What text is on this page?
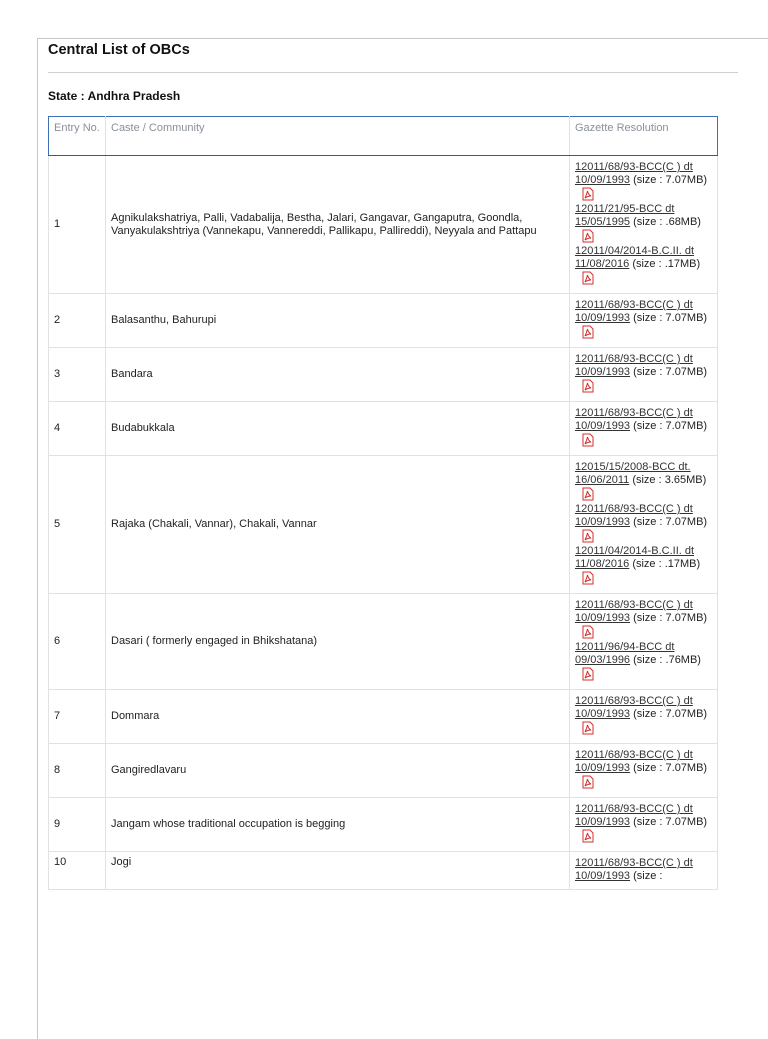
Central List of OBCs
State : Andhra Pradesh
Entry No.	Caste / Community	Gazette Resolution
1	Agnikulakshatriya, Palli, Vadabalija, Bestha, Jalari, Gangavar, Gangaputra, Goondla, Vanyakulakshtriya (Vannekapu, Vannereddi, Pallikapu, Pallireddi), Neyyala and Pattapu	12011/68/93-BCC(C ) dt 10/09/1993 (size : 7.07MB)
12011/21/95-BCC dt 15/05/1995 (size : .68MB)
12011/04/2014-B.C.II. dt 11/08/2016 (size : .17MB)

2	Balasanthu, Bahurupi	12011/68/93-BCC(C ) dt 10/09/1993 (size : 7.07MB)

3	Bandara	12011/68/93-BCC(C ) dt 10/09/1993 (size : 7.07MB)

4	Budabukkala	12011/68/93-BCC(C ) dt 10/09/1993 (size : 7.07MB)

5	Rajaka (Chakali, Vannar), Chakali, Vannar	12015/15/2008-BCC dt. 16/06/2011 (size : 3.65MB)
12011/68/93-BCC(C ) dt 10/09/1993 (size : 7.07MB)
12011/04/2014-B.C.II. dt 11/08/2016 (size : .17MB)

6	Dasari ( formerly engaged in Bhikshatana)	12011/68/93-BCC(C ) dt 10/09/1993 (size : 7.07MB)
12011/96/94-BCC dt 09/03/1996 (size : .76MB)

7	Dommara	12011/68/93-BCC(C ) dt 10/09/1993 (size : 7.07MB)

8	Gangiredlavaru	12011/68/93-BCC(C ) dt 10/09/1993 (size : 7.07MB)

9	Jangam whose traditional occupation is begging	12011/68/93-BCC(C ) dt 10/09/1993 (size : 7.07MB)

10	Jogi	12011/68/93-BCC(C ) dt 10/09/1993 (size :
